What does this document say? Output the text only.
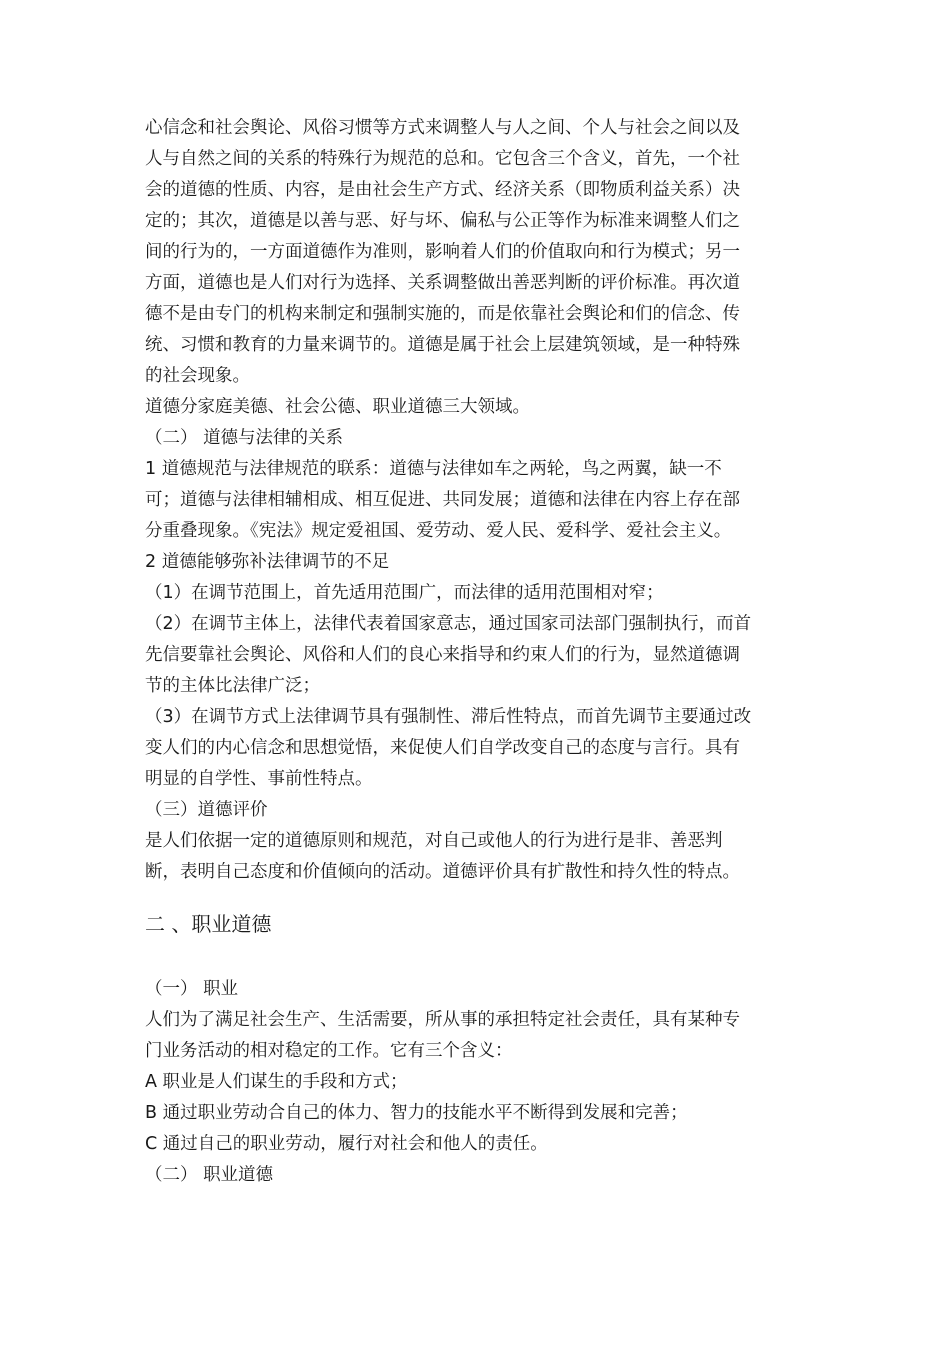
心信念和社会舆论、风俗习惯等方式来调整人与人之间、个人与社会之间以及
人与自然之间的关系的特殊行为规范的总和。它包含三个含义，首先，一个社
会的道德的性质、内容，是由社会生产方式、经济关系（即物质利益关系）决
定的；其次，道德是以善与恶、好与坏、偏私与公正等作为标准来调整人们之
间的行为的，一方面道德作为准则，影响着人们的价值取向和行为模式；另一
方面，道德也是人们对行为选择、关系调整做出善恶判断的评价标准。再次道
德不是由专门的机构来制定和强制实施的，而是依靠社会舆论和们的信念、传
统、习惯和教育的力量来调节的。道德是属于社会上层建筑领域，是一种特殊
的社会现象。
道德分家庭美德、社会公德、职业道德三大领域。
（二） 道德与法律的关系
1 道德规范与法律规范的联系：道德与法律如车之两轮，鸟之两翼，缺一不
可；道德与法律相辅相成、相互促进、共同发展；道德和法律在内容上存在部
分重叠现象。《宪法》规定爱祖国、爱劳动、爱人民、爱科学、爱社会主义。
2 道德能够弥补法律调节的不足
（1）在调节范围上，首先适用范围广，而法律的适用范围相对窄；
（2）在调节主体上，法律代表着国家意志，通过国家司法部门强制执行，而首
先信要靠社会舆论、风俗和人们的良心来指导和约束人们的行为，显然道德调
节的主体比法律广泛；
（3）在调节方式上法律调节具有强制性、滞后性特点，而首先调节主要通过改
变人们的内心信念和思想觉悟，来促使人们自学改变自己的态度与言行。具有
明显的自学性、事前性特点。
（三）道德评价
是人们依据一定的道德原则和规范，对自己或他人的行为进行是非、善恶判
断，表明自己态度和价值倾向的活动。道德评价具有扩散性和持久性的特点。
二 、职业道德
（一） 职业
人们为了满足社会生产、生活需要，所从事的承担特定社会责任，具有某种专
门业务活动的相对稳定的工作。它有三个含义：
A 职业是人们谋生的手段和方式；
B 通过职业劳动合自己的体力、智力的技能水平不断得到发展和完善；
C 通过自己的职业劳动，履行对社会和他人的责任。
（二） 职业道德
